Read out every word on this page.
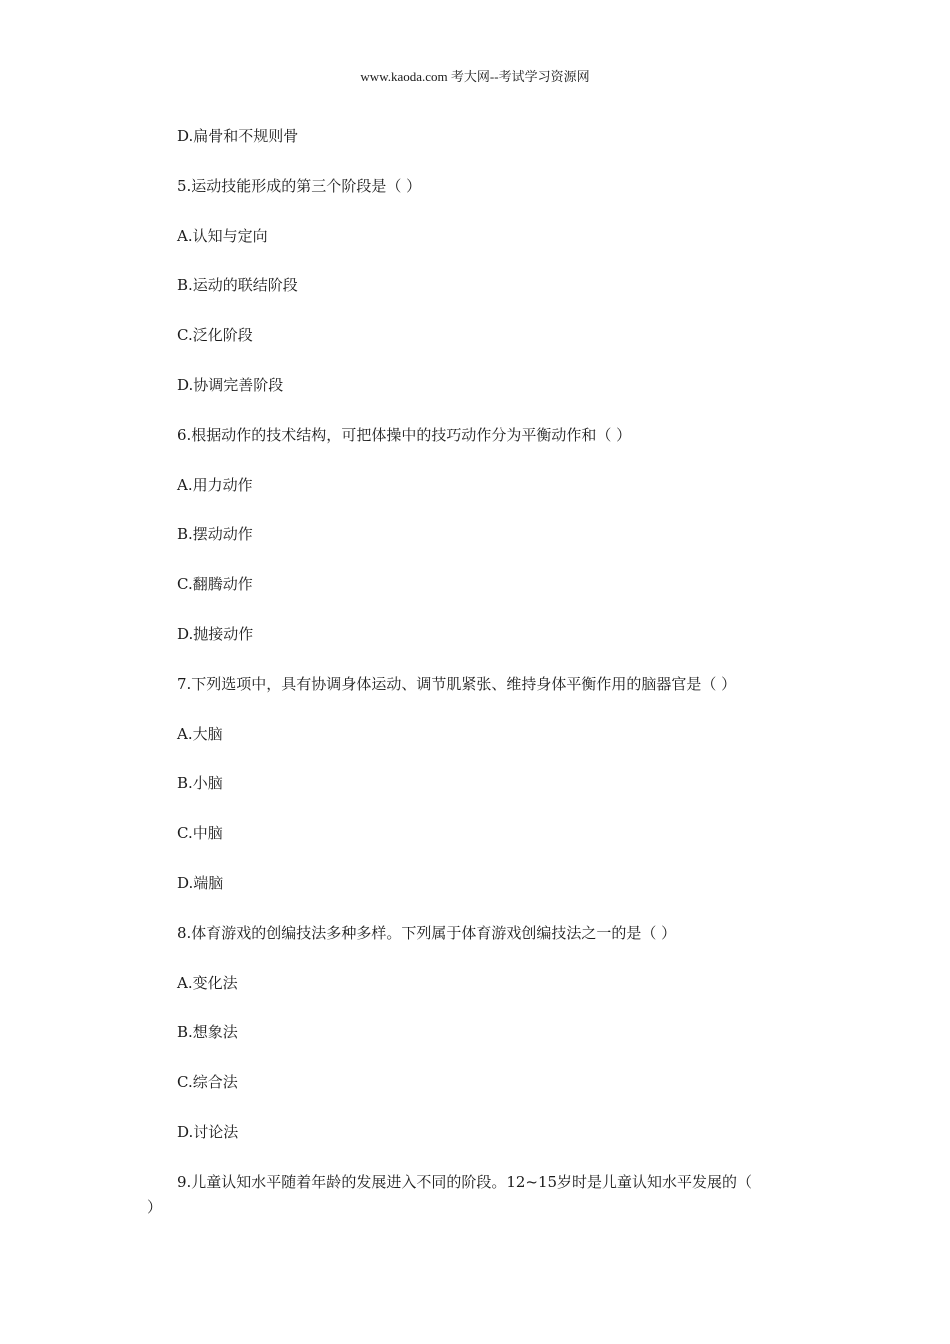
www.kaoda.com 考大网--考试学习资源网
D.扁骨和不规则骨
5.运动技能形成的第三个阶段是（ ）
A.认知与定向
B.运动的联结阶段
C.泛化阶段
D.协调完善阶段
6.根据动作的技术结构，可把体操中的技巧动作分为平衡动作和（ ）
A.用力动作
B.摆动动作
C.翻腾动作
D.抛接动作
7.下列选项中，具有协调身体运动、调节肌紧张、维持身体平衡作用的脑器官是（ ）
A.大脑
B.小脑
C.中脑
D.端脑
8.体育游戏的创编技法多种多样。下列属于体育游戏创编技法之一的是（ ）
A.变化法
B.想象法
C.综合法
D.讨论法
9.儿童认知水平随着年龄的发展进入不同的阶段。12~15岁时是儿童认知水平发展的（
）
